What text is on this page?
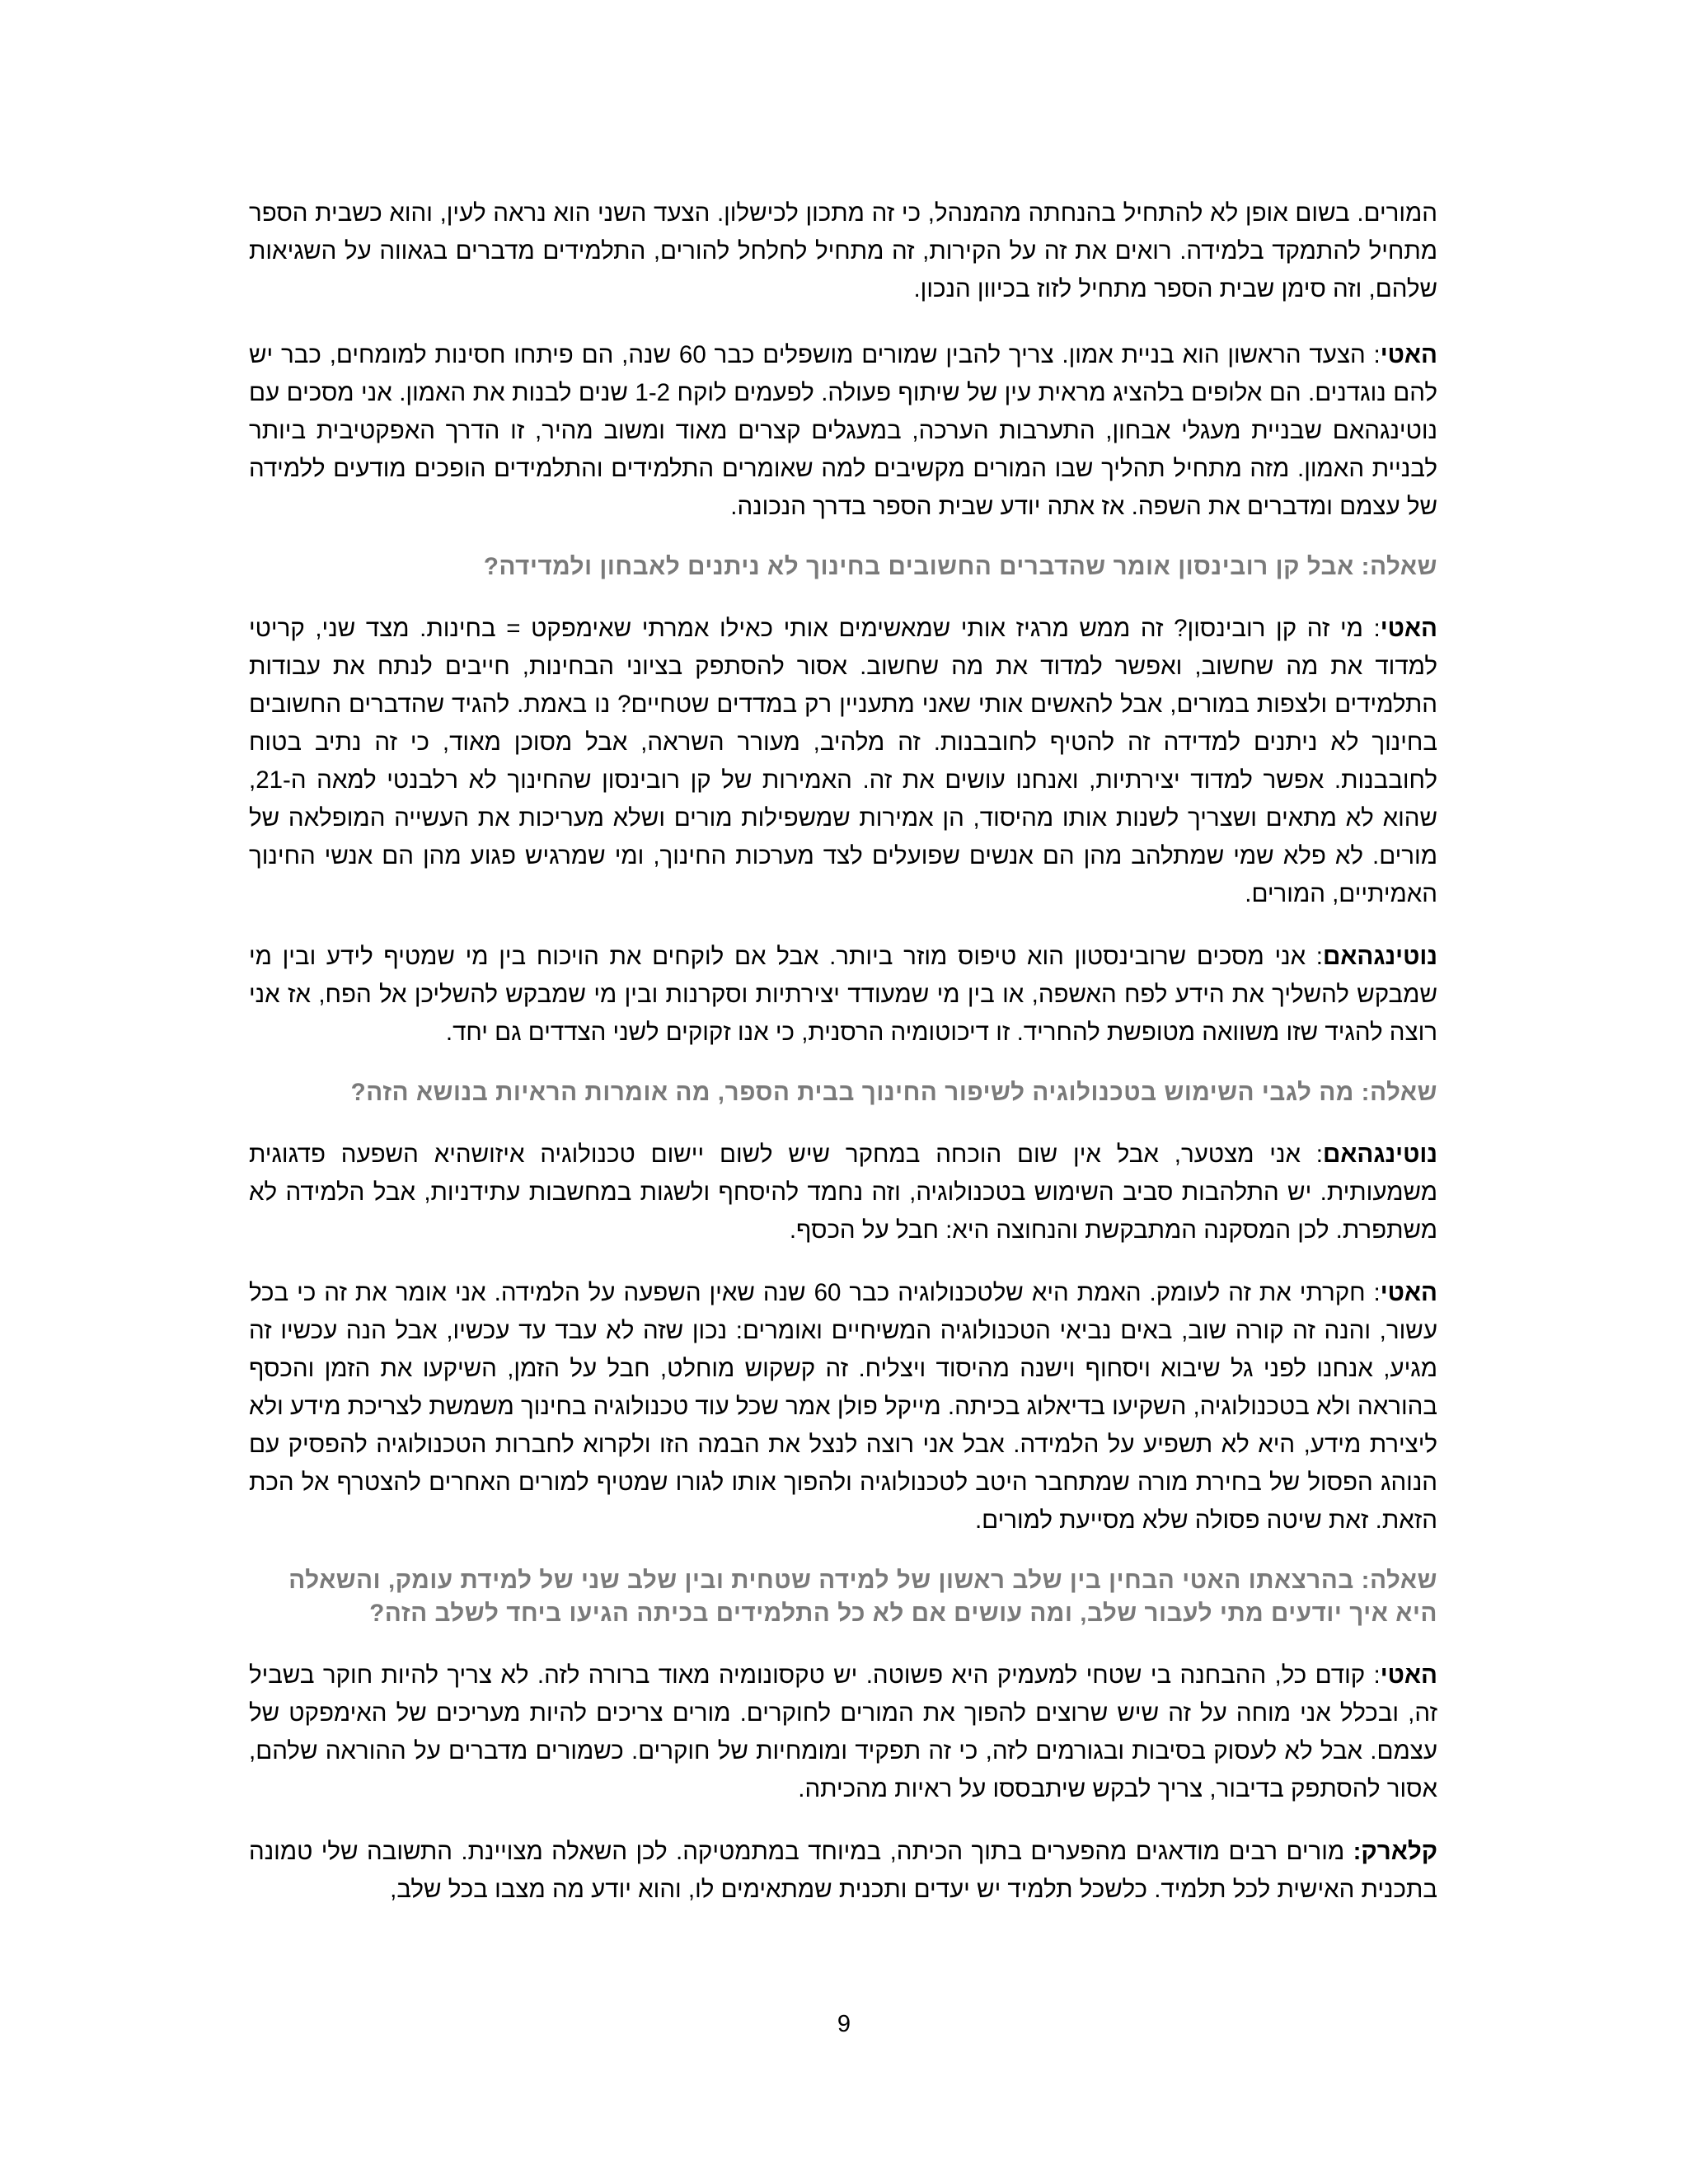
המורים. בשום אופן לא להתחיל בהנחתה מהמנהל, כי זה מתכון לכישלון. הצעד השני הוא נראה לעין, והוא כשבית הספר מתחיל להתמקד בלמידה. רואים את זה על הקירות, זה מתחיל לחלחל להורים, התלמידים מדברים בגאווה על השגיאות שלהם, וזה סימן שבית הספר מתחיל לזוז בכיוון הנכון.

האטי: הצעד הראשון הוא בניית אמון. צריך להבין שמורים מושפלים כבר 60 שנה, הם פיתחו חסינות למומחים, כבר יש להם נוגדנים. הם אלופים בלהציג מראית עין של שיתוף פעולה. לפעמים לוקח 1-2 שנים לבנות את האמון. אני מסכים עם נוטינגהאם שבניית מעגלי אבחון, התערבות הערכה, במעגלים קצרים מאוד ומשוב מהיר, זו הדרך האפקטיבית ביותר לבניית האמון. מזה מתחיל תהליך שבו המורים מקשיבים למה שאומרים התלמידים והתלמידים הופכים מודעים ללמידה של עצמם ומדברים את השפה. אז אתה יודע שבית הספר בדרך הנכונה.

שאלה: אבל קן רובינסון אומר שהדברים החשובים בחינוך לא ניתנים לאבחון ולמדידה?

האטי: מי זה קן רובינסון? זה ממש מרגיז אותי שמאשימים אותי כאילו אמרתי שאימפקט = בחינות. מצד שני, קריטי למדוד את מה שחשוב, ואפשר למדוד את מה שחשוב. אסור להסתפק בציוני הבחינות, חייבים לנתח את עבודות התלמידים ולצפות במורים, אבל להאשים אותי שאני מתעניין רק במדדים שטחיים? נו באמת. להגיד שהדברים החשובים בחינוך לא ניתנים למדידה זה להטיף לחובבנות. זה מלהיב, מעורר השראה, אבל מסוכן מאוד, כי זה נתיב בטוח לחובבנות. אפשר למדוד יצירתיות, ואנחנו עושים את זה. האמירות של קן רובינסון שהחינוך לא רלבנטי למאה ה-21, שהוא לא מתאים ושצריך לשנות אותו מהיסוד, הן אמירות שמשפילות מורים ושלא מעריכות את העשייה המופלאה של מורים. לא פלא שמי שמתלהב מהן הם אנשים שפועלים לצד מערכות החינוך, ומי שמרגיש פגוע מהן הם אנשי החינוך האמיתיים, המורים.

נוטינגהאם: אני מסכים שרובינסטון הוא טיפוס מוזר ביותר. אבל אם לוקחים את הויכוח בין מי שמטיף לידע ובין מי שמבקש להשליך את הידע לפח האשפה, או בין מי שמעודד יצירתיות וסקרנות ובין מי שמבקש להשליכן אל הפח, אז אני רוצה להגיד שזו משוואה מטופשת להחריד. זו דיכוטומיה הרסנית, כי אנו זקוקים לשני הצדדים גם יחד.

שאלה: מה לגבי השימוש בטכנולוגיה לשיפור החינוך בבית הספר, מה אומרות הראיות בנושא הזה?

נוטינגהאם: אני מצטער, אבל אין שום הוכחה במחקר שיש לשום יישום טכנולוגיה איזושהיא השפעה פדגוגית משמעותית. יש התלהבות סביב השימוש בטכנולוגיה, וזה נחמד להיסחף ולשגות במחשבות עתידניות, אבל הלמידה לא משתפרת. לכן המסקנה המתבקשת והנחוצה היא: חבל על הכסף.

האטי: חקרתי את זה לעומק. האמת היא שלטכנולוגיה כבר 60 שנה שאין השפעה על הלמידה. אני אומר את זה כי בכל עשור, והנה זה קורה שוב, באים נביאי הטכנולוגיה המשיחיים ואומרים: נכון שזה לא עבד עד עכשיו, אבל הנה עכשיו זה מגיע, אנחנו לפני גל שיבוא ויסחוף וישנה מהיסוד ויצליח. זה קשקוש מוחלט, חבל על הזמן, השיקעו את הזמן והכסף בהוראה ולא בטכנולוגיה, השקיעו בדיאלוג בכיתה. מייקל פולן אמר שכל עוד טכנולוגיה בחינוך משמשת לצריכת מידע ולא ליצירת מידע, היא לא תשפיע על הלמידה. אבל אני רוצה לנצל את הבמה הזו ולקרוא לחברות הטכנולוגיה להפסיק עם הנוהג הפסול של בחירת מורה שמתחבר היטב לטכנולוגיה ולהפוך אותו לגורו שמטיף למורים האחרים להצטרף אל הכת הזאת. זאת שיטה פסולה שלא מסייעת למורים.

שאלה: בהרצאתו האטי הבחין בין שלב ראשון של למידה שטחית ובין שלב שני של למידת עומק, והשאלה היא איך יודעים מתי לעבור שלב, ומה עושים אם לא כל התלמידים בכיתה הגיעו ביחד לשלב הזה?

האטי: קודם כל, ההבחנה בי שטחי למעמיק היא פשוטה. יש טקסונומיה מאוד ברורה לזה. לא צריך להיות חוקר בשביל זה, ובכלל אני מוחה על זה שיש שרוצים להפוך את המורים לחוקרים. מורים צריכים להיות מעריכים של האימפקט של עצמם. אבל לא לעסוק בסיבות ובגורמים לזה, כי זה תפקיד ומומחיות של חוקרים. כשמורים מדברים על ההוראה שלהם, אסור להסתפק בדיבור, צריך לבקש שיתבססו על ראיות מהכיתה.

קלארק: מורים רבים מודאגים מהפערים בתוך הכיתה, במיוחד במתמטיקה. לכן השאלה מצויינת. התשובה שלי טמונה בתכנית האישית לכל תלמיד. כלשכל תלמיד יש יעדים ותכנית שמתאימים לו, והוא יודע מה מצבו בכל שלב,

9
